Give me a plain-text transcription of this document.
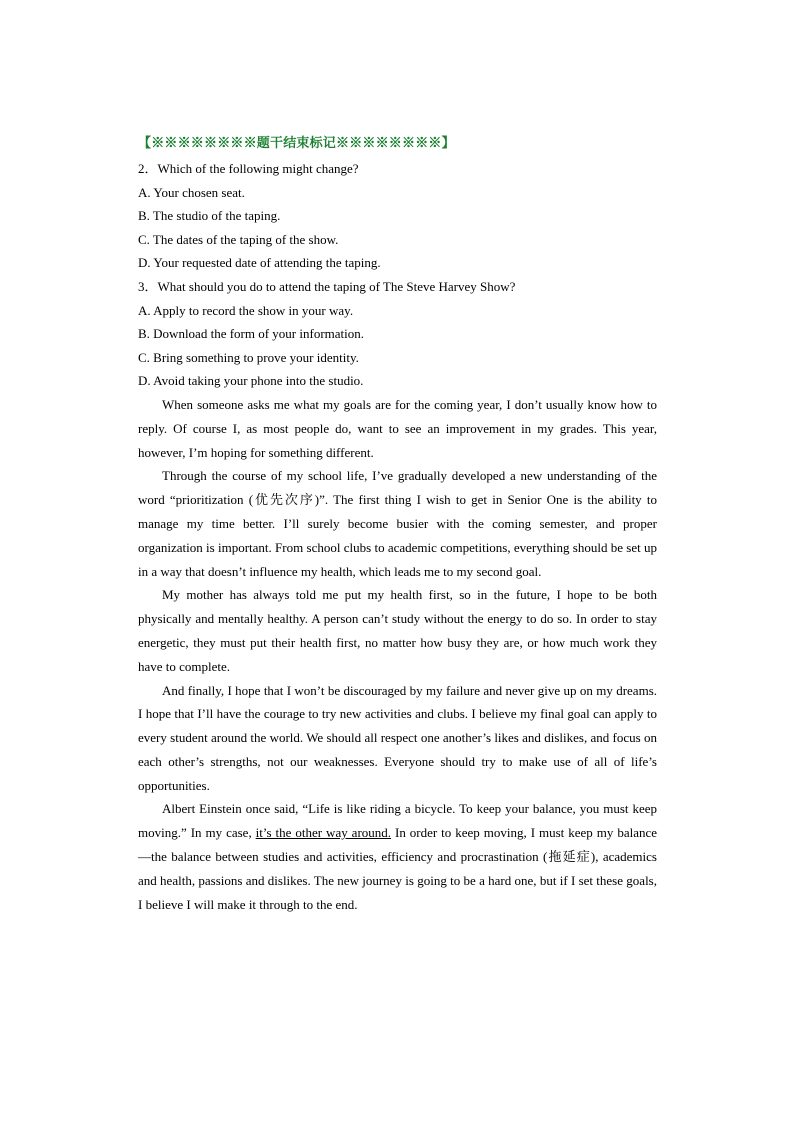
【※※※※※※※※题干结束标记※※※※※※※※】

2．Which of the following might change?

A. Your chosen seat.

B. The studio of the taping.

C. The dates of the taping of the show.

D. Your requested date of attending the taping.

3．What should you do to attend the taping of The Steve Harvey Show?

A. Apply to record the show in your way.

B. Download the form of your information.

C. Bring something to prove your identity.

D. Avoid taking your phone into the studio.

When someone asks me what my goals are for the coming year, I don’t usually know how to reply. Of course I, as most people do, want to see an improvement in my grades. This year, however, I’m hoping for something different.

Through the course of my school life, I’ve gradually developed a new understanding of the word “prioritization (优先次序)”. The first thing I wish to get in Senior One is the ability to manage my time better. I’ll surely become busier with the coming semester, and proper organization is important. From school clubs to academic competitions, everything should be set up in a way that doesn’t influence my health, which leads me to my second goal.

My mother has always told me put my health first, so in the future, I hope to be both physically and mentally healthy. A person can’t study without the energy to do so. In order to stay energetic, they must put their health first, no matter how busy they are, or how much work they have to complete.

And finally, I hope that I won’t be discouraged by my failure and never give up on my dreams. I hope that I’ll have the courage to try new activities and clubs. I believe my final goal can apply to every student around the world. We should all respect one another’s likes and dislikes, and focus on each other’s strengths, not our weaknesses. Everyone should try to make use of all of life’s opportunities.

Albert Einstein once said, “Life is like riding a bicycle. To keep your balance, you must keep moving.” In my case, it’s the other way around. In order to keep moving, I must keep my balance—the balance between studies and activities, efficiency and procrastination (拖延症), academics and health, passions and dislikes. The new journey is going to be a hard one, but if I set these goals, I believe I will make it through to the end.
